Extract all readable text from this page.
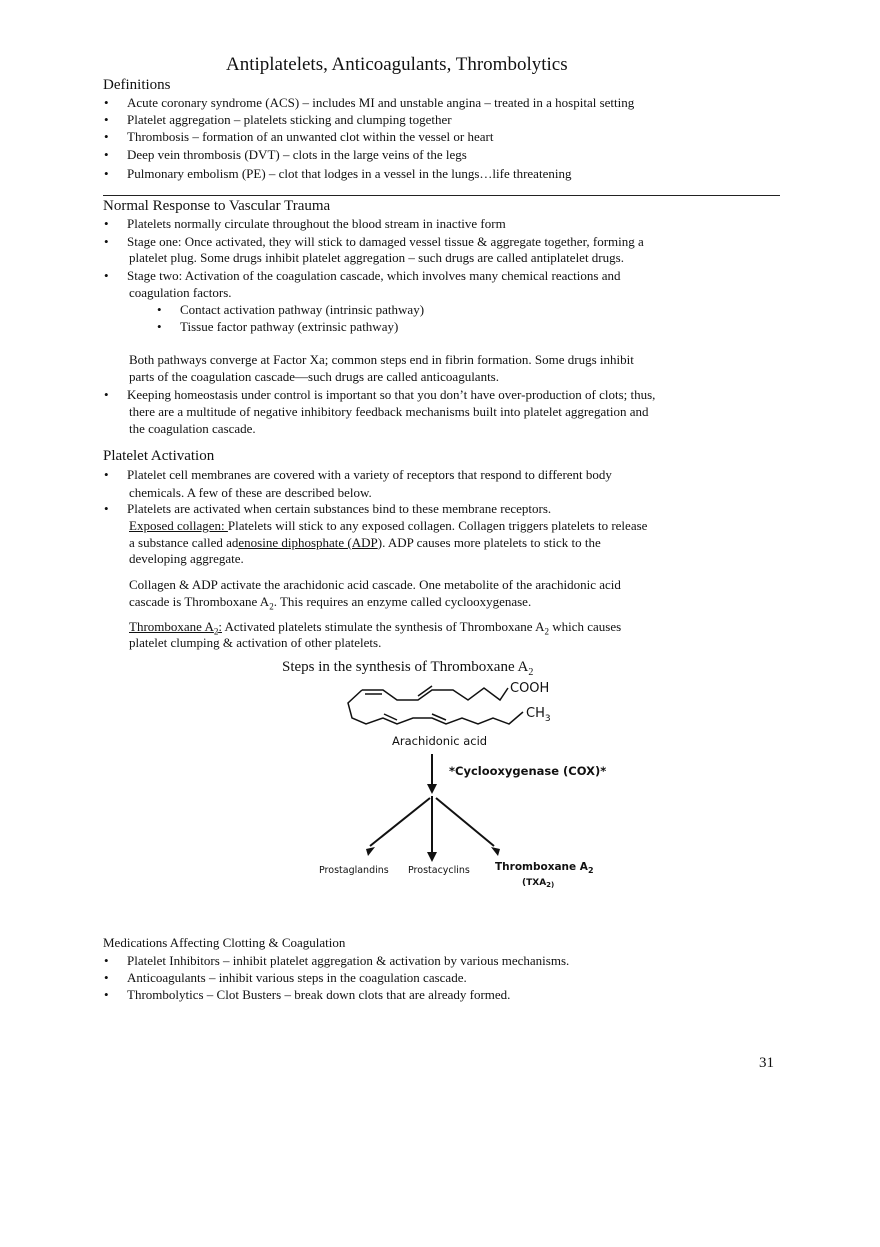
Antiplatelets, Anticoagulants, Thrombolytics
Definitions
• Acute coronary syndrome (ACS) – includes MI and unstable angina – treated in a hospital setting
• Platelet aggregation – platelets sticking and clumping together
• Thrombosis – formation of an unwanted clot within the vessel or heart
• Deep vein thrombosis (DVT) – clots in the large veins of the legs
• Pulmonary embolism (PE) – clot that lodges in a vessel in the lungs…life threatening
Normal Response to Vascular Trauma
• Platelets normally circulate throughout the blood stream in inactive form
• Stage one: Once activated, they will stick to damaged vessel tissue & aggregate together, forming a
platelet plug. Some drugs inhibit platelet aggregation – such drugs are called antiplatelet drugs.
• Stage two: Activation of the coagulation cascade, which involves many chemical reactions and
coagulation factors.
• Contact activation pathway (intrinsic pathway)
• Tissue factor pathway (extrinsic pathway)
Both pathways converge at Factor Xa; common steps end in fibrin formation. Some drugs inhibit
parts of the coagulation cascade—such drugs are called anticoagulants.
• Keeping homeostasis under control is important so that you don’t have over-production of clots; thus,
there are a multitude of negative inhibitory feedback mechanisms built into platelet aggregation and
the coagulation cascade.
Platelet Activation
• Platelet cell membranes are covered with a variety of receptors that respond to different body
chemicals. A few of these are described below.
• Platelets are activated when certain substances bind to these membrane receptors.
Exposed collagen: Platelets will stick to any exposed collagen. Collagen triggers platelets to release
a substance called adenosine diphosphate (ADP). ADP causes more platelets to stick to the
developing aggregate.
Collagen & ADP activate the arachidonic acid cascade. One metabolite of the arachidonic acid
cascade is Thromboxane $A_2$. This requires an enzyme called cyclooxygenase.
Thromboxane $A_2$: Activated platelets stimulate the synthesis of Thromboxane $A_2$ which causes
platelet clumping & activation of other platelets.
Steps in the synthesis of Thromboxane $A_2$
COOH
$CH_3$
Arachidonic acid
*Cyclooxygenase (COX)*
Prostaglandins Prostacyclins Thromboxane $A_2$
($TXA_{2)}$
Medications Affecting Clotting & Coagulation
• Platelet Inhibitors – inhibit platelet aggregation & activation by various mechanisms.
• Anticoagulants – inhibit various steps in the coagulation cascade.
• Thrombolytics – Clot Busters – break down clots that are already formed.
31
